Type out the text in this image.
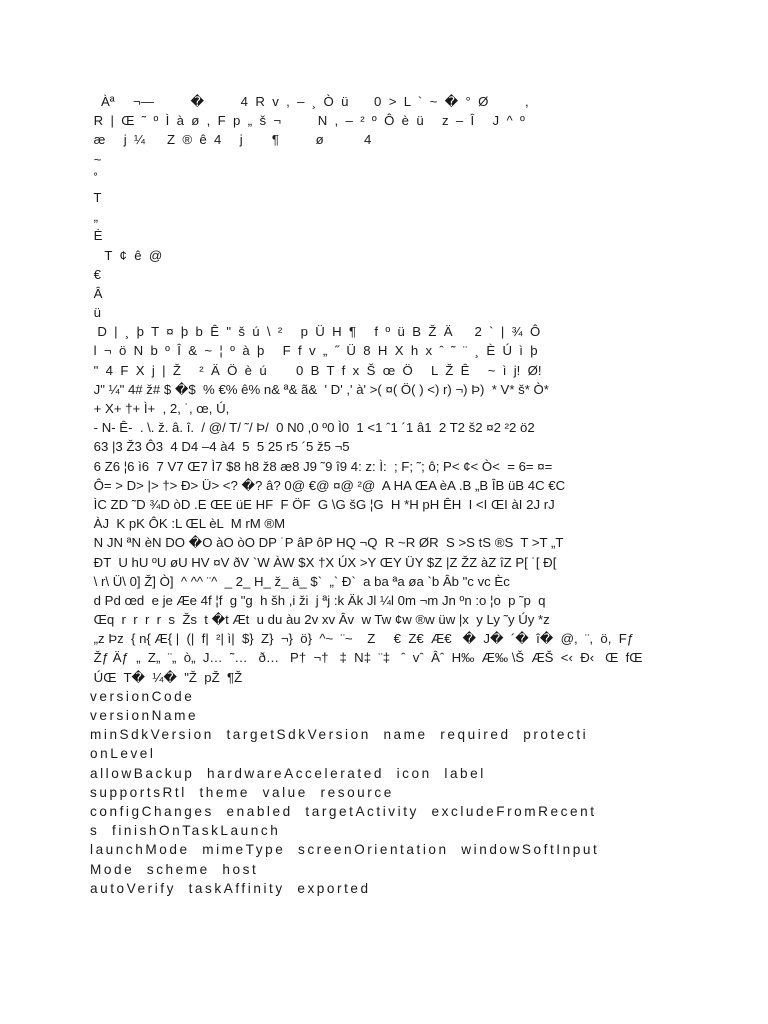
Àª     ¬—          �          4  R  v  ,  –  ¸  Ò  ü       0  >  L  `  ~  �  °  Ø          ,
R  |  Œ  ˜  º  Ì  à  ø  ,  F  p  „  š  ¬          N  ,  –  ²  º  Ô  è  ü     z  –  Î     J  ^  º
æ     j  ¼      Z  ®  ê  4     j        ¶          ø           4
~
˚
T
„
Ė
T  ¢  ê  @
€
Â
ü
D  |  ¸  þ  T  ¤  þ  b  Ê  "  š  ú  \  ²     p  Ü  H  ¶     f  º  ü  B  Ž  Ä      2  `  |  ¾  Ô
l  ¬  ö  N  b  º  Î  &  ~  ¦  º  à  þ     F  f  v  „  ˝  Ü  8  H  X  h  x  ˆ  ˜  ¨  ¸  È  Ú  ì  þ
"  4  F  X  j  |  Ž     ²  Ä  Ö  è  ú        0  B  T  f  x  Š  œ  Ö     L  Ž  Ê     ~  ì  j!  Ø!
J" ¼" 4# ž# $ �$  % €% ê% n& ª& ã&  ' D' ,' à' >( ¤( Ö( ) <) r) ¬) Þ)  * V* š* Ò*
+ X+ †+ Ì+  , 2, ˙, œ, Ú,
- N- Ê-  . \. ž. â. î.  / @/ T/ ˜/ Þ/  0 N0 ,0 º0 Ì0  1 <1 ˆ1 ´1 â1  2 T2 š2 ¤2 ²2 ö2
63 |3 Ž3 Ô3  4 D4 –4 à4  5  5 25 r5 ´5 ž5 ¬5
6 Z6 ¦6 ì6  7 V7 Œ7 Ì7 $8 h8 ž8 æ8 J9 ˜9 î9 4: z: Ì:  ; F; ˜; ô; P< ¢< Ò<  = 6= ¤=
Ô= > D> |> †> Ð> Ü> <? �? â? 0@ €@ ¤@ ²@  A HA ŒA èA .B „B ÎB üB 4C €C
ÌC ZD ˜D ¾D òD .E ŒE üE HF  F ÖF  G \G šG ¦G  H *H pH ÊH  I <I ŒI àI 2J rJ
ÀJ  K pK ÔK :L ŒL èL  M rM ®M
N JN ªN èN DO �O àO òO DP ˙P âP ôP HQ ¬Q  R ~R ØR  S >S tS ®S  T >T „T
ÐT  U hU ºU øU HV ¤V ðV `W ÀW $X †X ÚX >Y ŒY ÜY $Z |Z ŽZ àZ îZ P[ ˙[ Ð[
\ r\ Ü\ 0] Ž] Ò]  ^ ^^ ¨^  _ 2_ H_ ž_ ä_ $`  „` Ð`  a ba ªa øa `b Âb "c vc Èc
d Pd œd  e je Æe 4f ¦f  g "g  h šh ,i ži  j ªj :k Äk Jl ¼l 0m ¬m Jn ºn :o ¦o  p ˜p  q
Œq  r  r  r  r  s  Žs  t �t Æt  u du àu 2v xv Âv  w Tw ¢w ®w üw |x  y Ly ˜y Úy *z
„z Þz  { n{ Æ{ |  (|  f|  ²| ì|  $}  Z}  ¬}  ö}  ^~  ¨~    Z     €  Z€  Æ€   �  J�  ´�  î�  @,  ¨,  ö,  Fƒ
Žƒ Äƒ  „  Z„  ¨„  ò„  J…  ˜…   ð…   P†  ¬†   ‡  N‡  ¨‡   ˆ  vˆ  Âˆ  H‰  Æ‰ \Š  ÆŠ  <‹  Ð‹   Œ  fŒ
ÚŒ  T�  ¼�  "Ž  pŽ  ¶Ž
versionCode
versionName
minSdkVersion  targetSdkVersion  name  required  protecti
onLevel
allowBackup  hardwareAccelerated  icon  label
supportsRtl  theme  value  resource
configChanges  enabled  targetActivity  excludeFromRecent
s  finishOnTaskLaunch
launchMode  mimeType  screenOrientation  windowSoftInput
Mode  scheme  host
autoVerify  taskAffinity  exported
